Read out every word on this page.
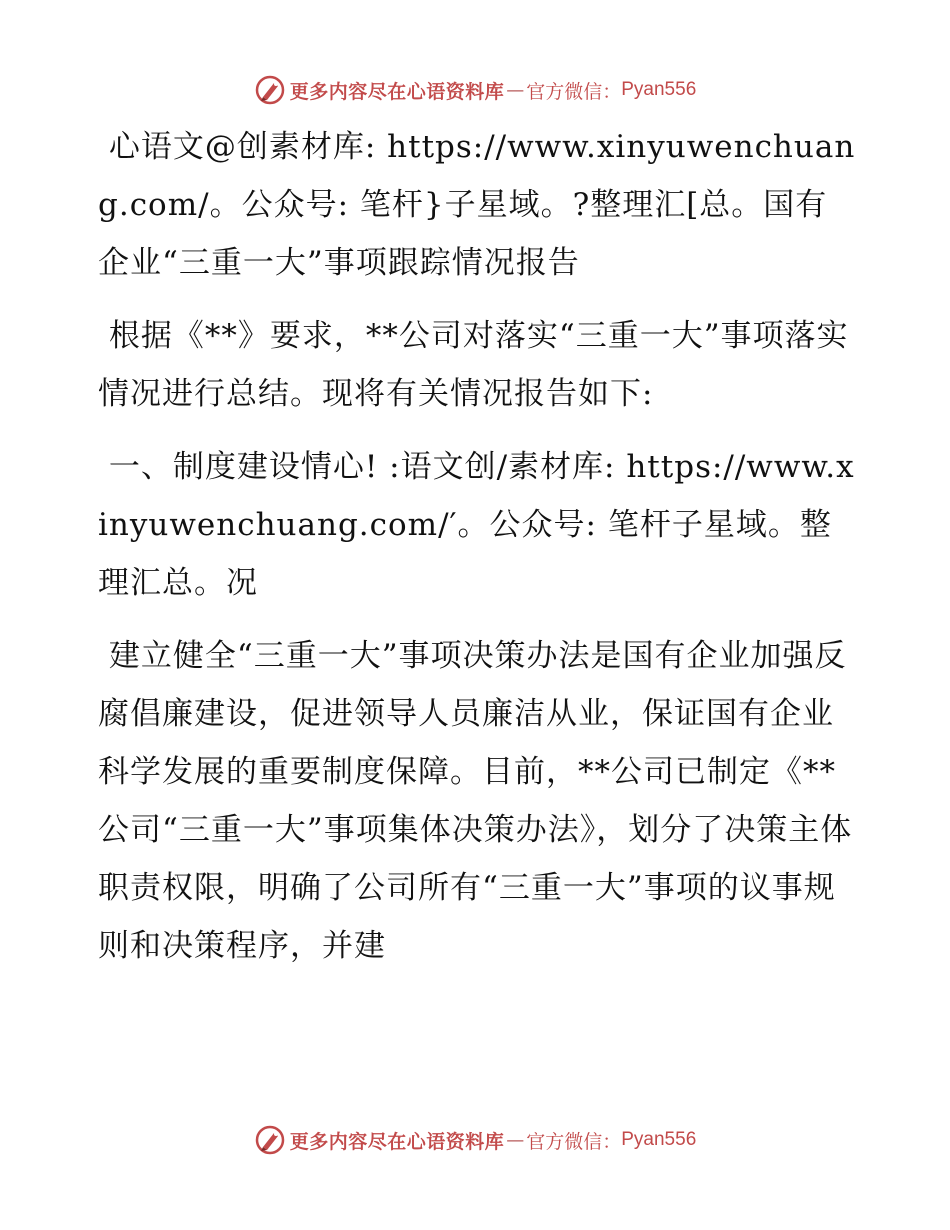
更多内容尽在心语资料库 — 官方微信： Pyan556

心语文@创素材库: https://www.xinyuwenchuang.com/。公众号: 笔杆}子星域。?整理汇[总。国有企业“三重一大”事项跟踪情况报告

根据《**》要求，**公司对落实“三重一大”事项落实情况进行总结。现将有关情况报告如下:

一、制度建设情心! :语文创/素材库: https://www.xinyuwenchuang.com/′。公众号: 笔杆子星域。整理汇总。况

建立健全“三重一大”事项决策办法是国有企业加强反腐倡廉建设，促进领导人员廉洁从业，保证国有企业科学发展的重要制度保障。目前，**公司已制定《**公司“三重一大”事项集体决策办法》，划分了决策主体职责权限，明确了公司所有“三重一大”事项的议事规则和决策程序，并建

更多内容尽在心语资料库 — 官方微信： Pyan556
